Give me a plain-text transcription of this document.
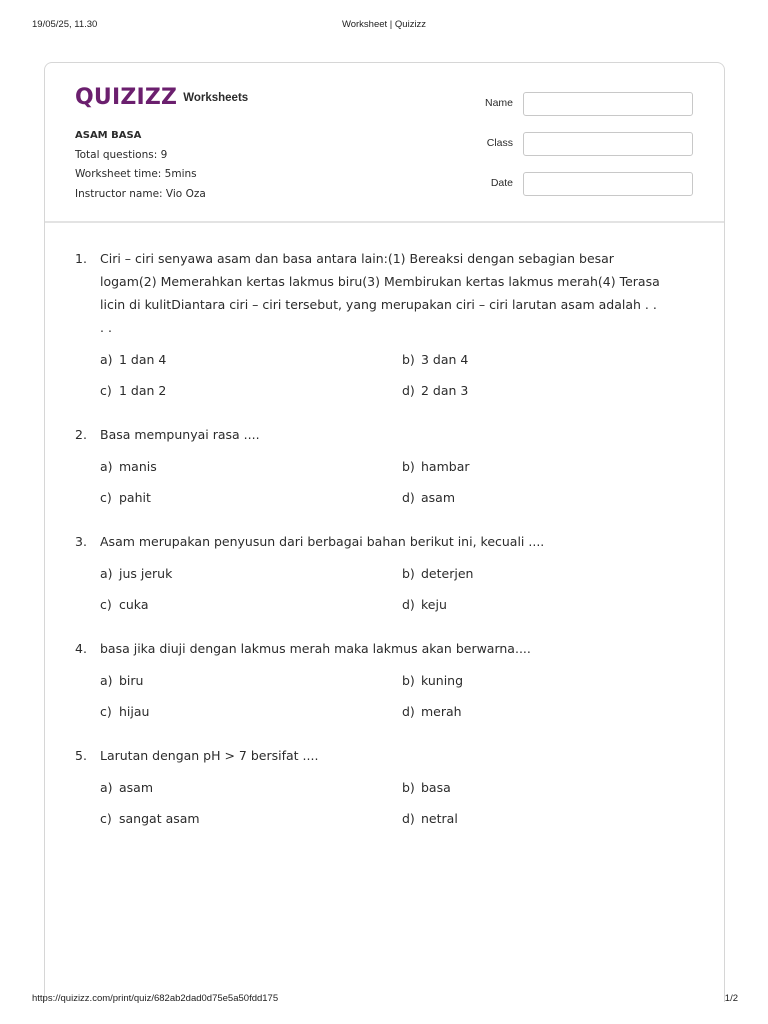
19/05/25, 11.30	Worksheet | Quizizz
QUIZIZZ Worksheets
ASAM BASA
Total questions: 9
Worksheet time: 5mins
Instructor name: Vio Oza
Name
Class
Date
1.	Ciri – ciri senyawa asam dan basa antara lain:(1) Bereaksi dengan sebagian besar logam(2) Memerahkan kertas lakmus biru(3) Membirukan kertas lakmus merah(4) Terasa licin di kulitDiantara ciri – ciri tersebut, yang merupakan ciri – ciri larutan asam adalah . . . .
a) 1 dan 4	b) 3 dan 4
c) 1 dan 2	d) 2 dan 3
2.	Basa mempunyai rasa ....
a) manis	b) hambar
c) pahit	d) asam
3.	Asam merupakan penyusun dari berbagai bahan berikut ini, kecuali ....
a) jus jeruk	b) deterjen
c) cuka	d) keju
4.	basa jika diuji dengan lakmus merah maka lakmus akan berwarna....
a) biru	b) kuning
c) hijau	d) merah
5.	Larutan dengan pH > 7 bersifat ....
a) asam	b) basa
c) sangat asam	d) netral
https://quizizz.com/print/quiz/682ab2dad0d75e5a50fdd175	1/2
